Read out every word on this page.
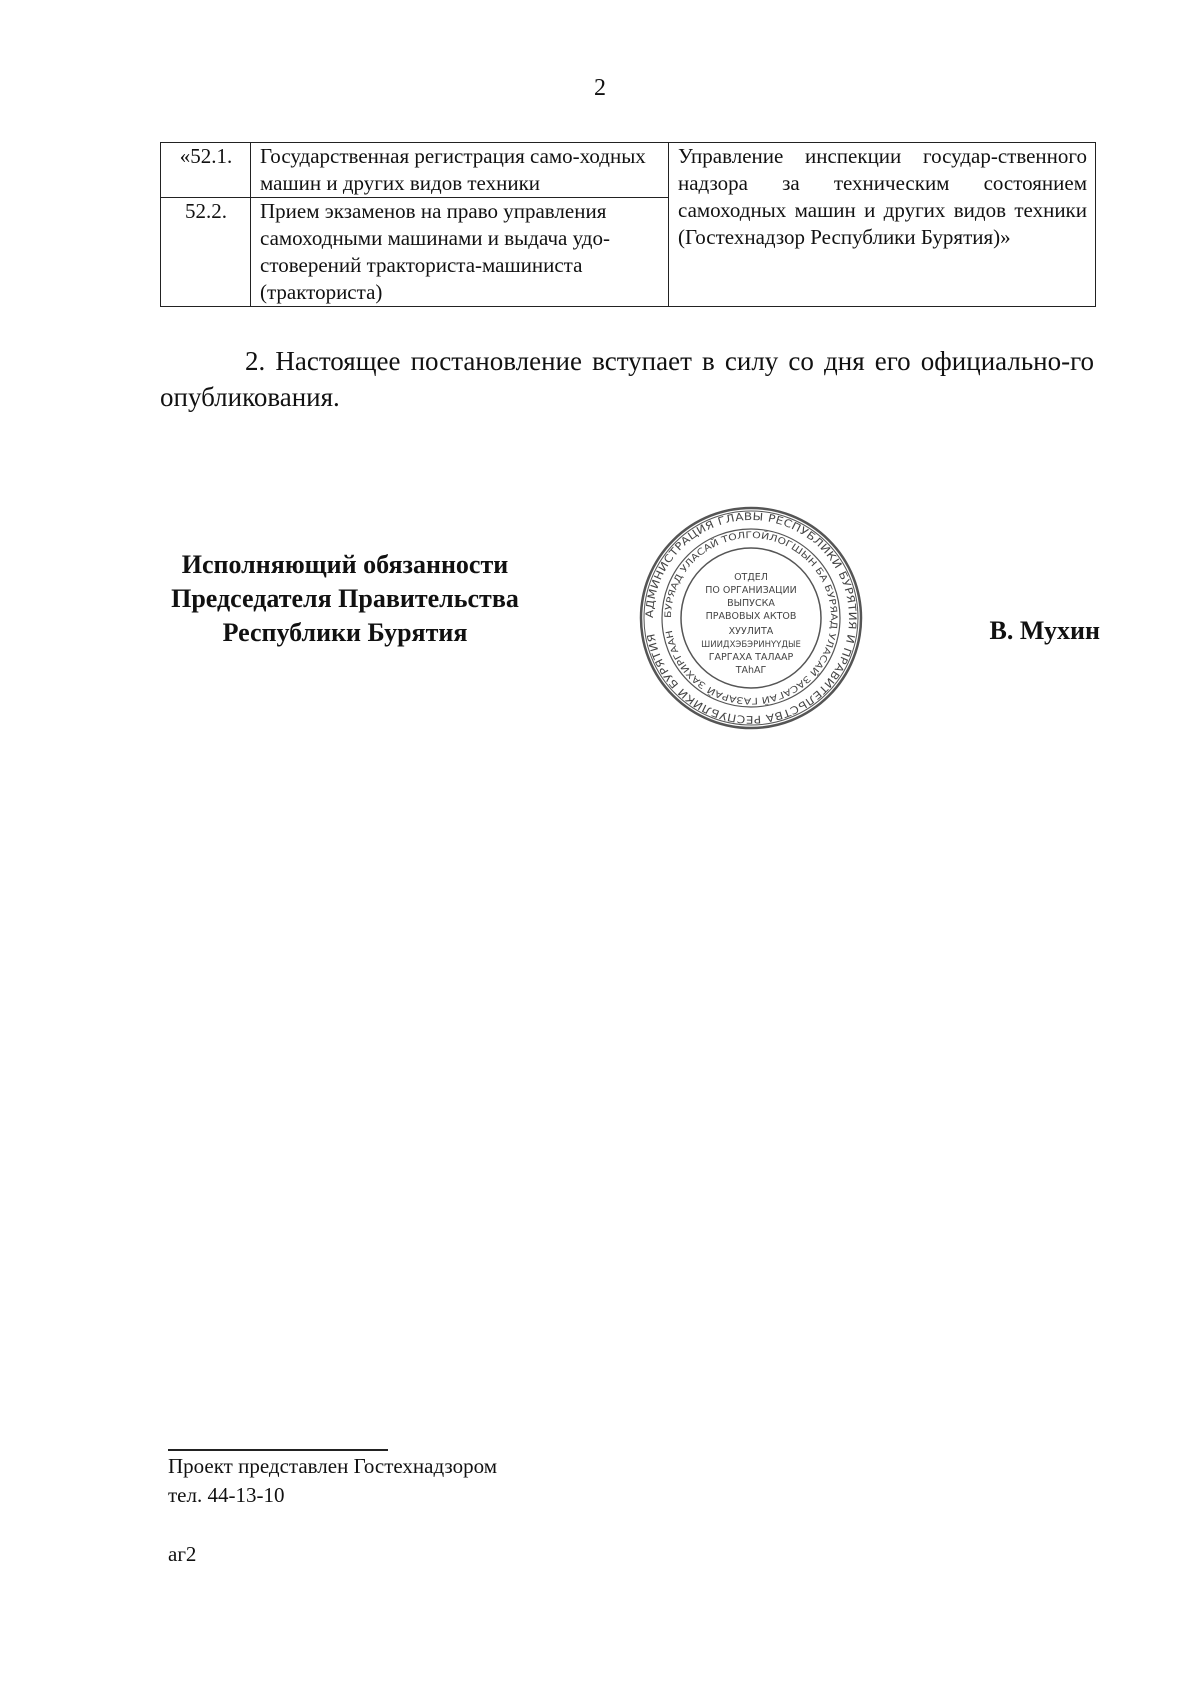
2
«52.1.	Государственная регистрация само-ходных машин и других видов техники	Управление инспекции государ-ственного надзора за техническим состоянием самоходных машин и других видов техники (Гостехнадзор Республики Бурятия)»
52.2.	Прием экзаменов на право управления самоходными машинами и выдача удо-стоверений тракториста-машиниста (тракториста)	

2. Настоящее постановление вступает в силу со дня его официально-го опубликования.

Исполняющий обязанности
Председателя Правительства
Республики Бурятия
АДМИНИСТРАЦИЯ ГЛАВЫ РЕСПУБЛИКИ БУРЯТИЯ И ПРАВИТЕЛЬСТВА РЕСПУБЛИКИ БУРЯТИЯ
БУРЯАД УЛАСАЙ ТОЛГОЙЛОГШЫН БА БУРЯАД УЛАСАЙ ЗАСАГАЙ ГАЗАРАЙ ЗАХИРГААН
ОТДЕЛ
ПО ОРГАНИЗАЦИИ
ВЫПУСКА
ПРАВОВЫХ АКТОВ
ХУУЛИТА
ШИИДХЭБЭРИНҮҮДЫЕ
ГАРГАХА ТАЛААР
ТАһАГ
В. Мухин
Проект представлен Гостехнадзором
тел. 44-13-10
аг2
